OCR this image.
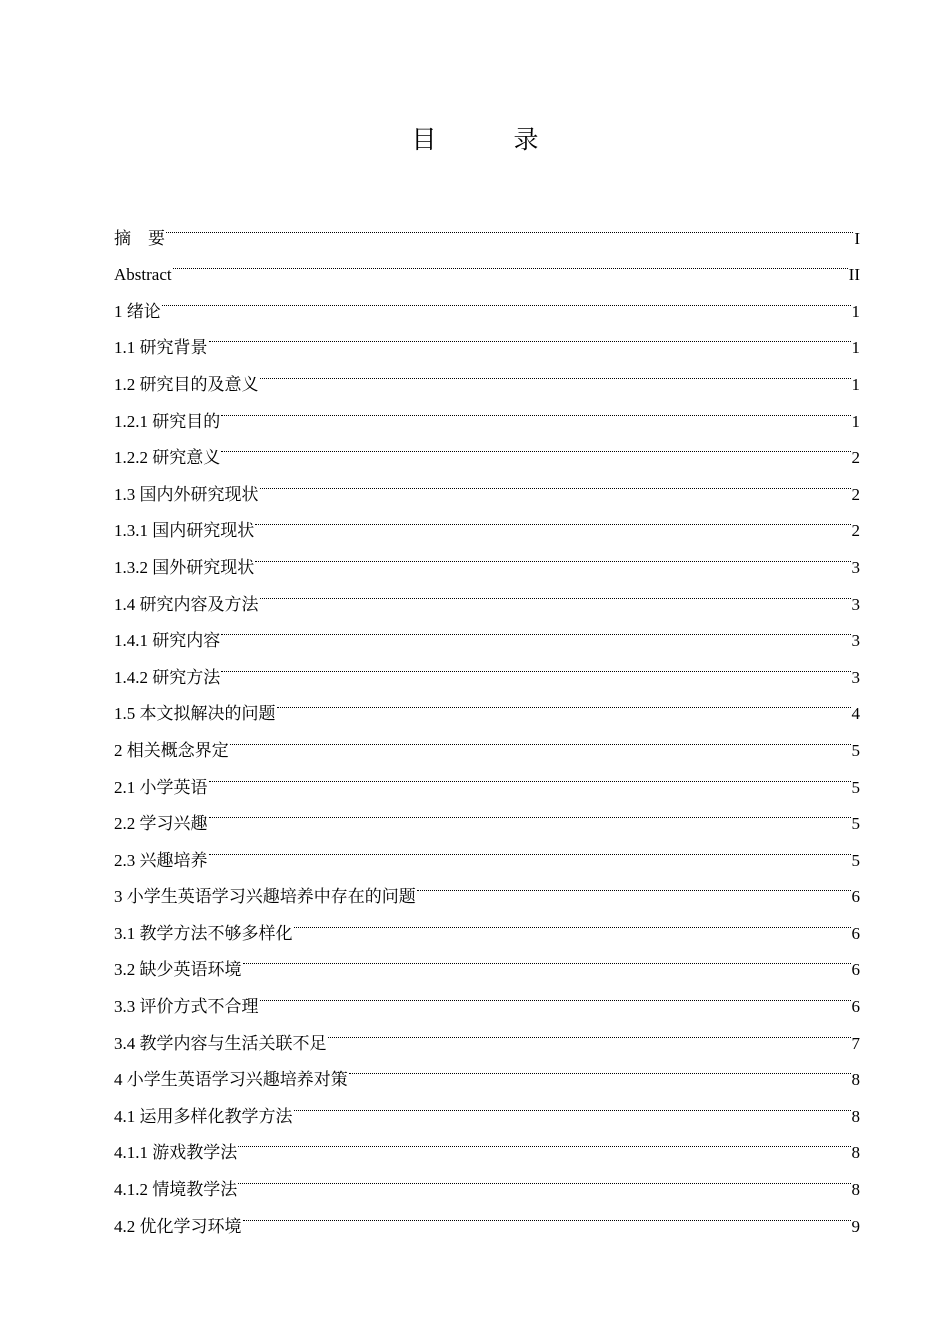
目　录
摘　要	I
Abstract	II
1 绪论	1
1.1 研究背景	1
1.2 研究目的及意义	1
1.2.1 研究目的	1
1.2.2 研究意义	2
1.3 国内外研究现状	2
1.3.1 国内研究现状	2
1.3.2 国外研究现状	3
1.4 研究内容及方法	3
1.4.1 研究内容	3
1.4.2 研究方法	3
1.5 本文拟解决的问题	4
2 相关概念界定	5
2.1 小学英语	5
2.2 学习兴趣	5
2.3 兴趣培养	5
3 小学生英语学习兴趣培养中存在的问题	6
3.1 教学方法不够多样化	6
3.2 缺少英语环境	6
3.3 评价方式不合理	6
3.4 教学内容与生活关联不足	7
4 小学生英语学习兴趣培养对策	8
4.1 运用多样化教学方法	8
4.1.1 游戏教学法	8
4.1.2 情境教学法	8
4.2 优化学习环境	9
